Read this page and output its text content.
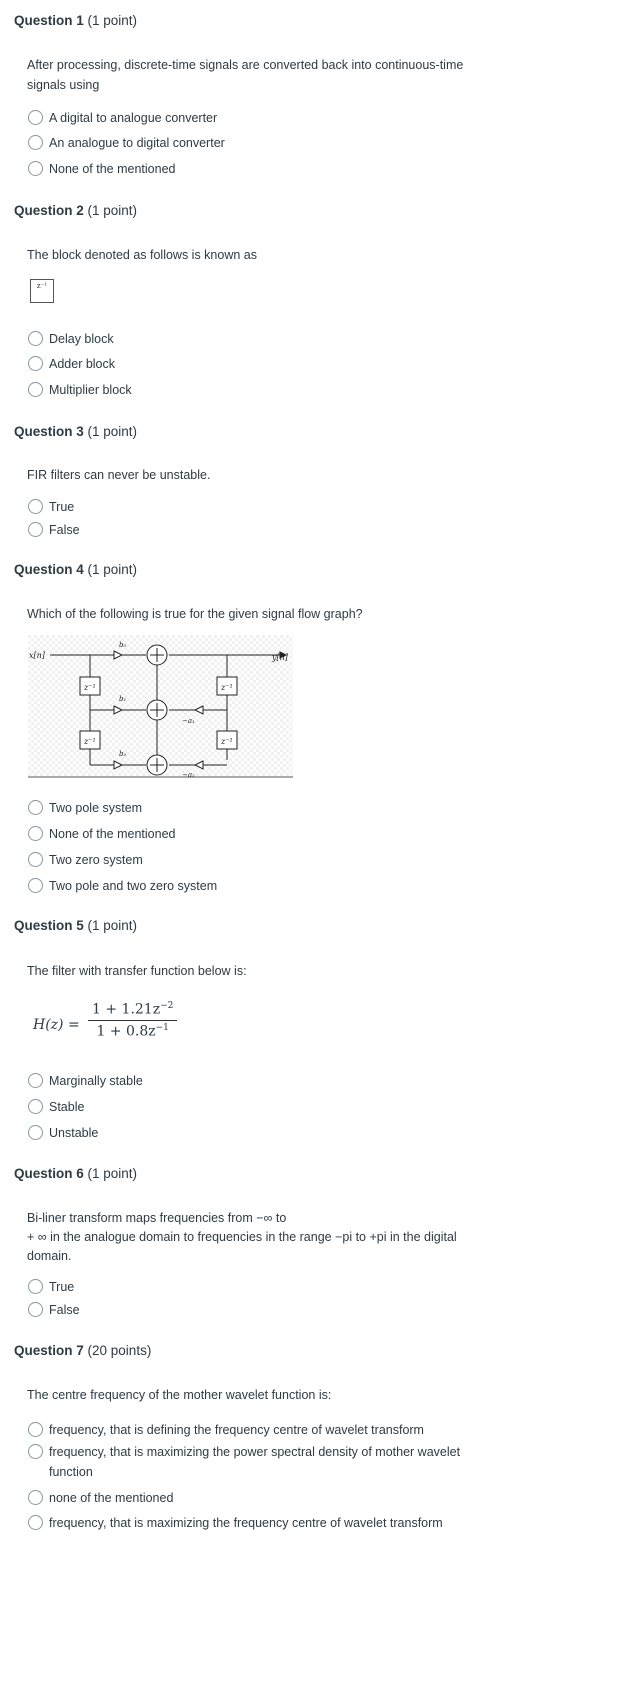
Question 1 (1 point)
After processing, discrete-time signals are converted back into continuous-time signals using
A digital to analogue converter
An analogue to digital converter
None of the mentioned
Question 2 (1 point)
The block denoted as follows is known as
z⁻¹
Delay block
Adder block
Multiplier block
Question 3 (1 point)
FIR filters can never be unstable.
True
False
Question 4 (1 point)
Which of the following is true for the given signal flow graph?
x[n]	y[n]
z⁻¹
z⁻¹
z⁻¹
z⁻¹
b₀
b₁
b₂
−a₁
−a₂
Two pole system
None of the mentioned
Two zero system
Two pole and two zero system
Question 5 (1 point)
The filter with transfer function below is:
$H(z) = \frac{1 + 1.21z^{-2}}{1 + 0.8z^{-1}}$
Marginally stable
Stable
Unstable
Question 6 (1 point)
Bi-liner transform maps frequencies from −∞ to
+ ∞ in the analogue domain to frequencies in the range −pi to +pi in the digital
domain.
True
False
Question 7 (20 points)
The centre frequency of the mother wavelet function is:
frequency, that is defining the frequency centre of wavelet transform
frequency, that is maximizing the power spectral density of mother wavelet function
none of the mentioned
frequency, that is maximizing the frequency centre of wavelet transform
